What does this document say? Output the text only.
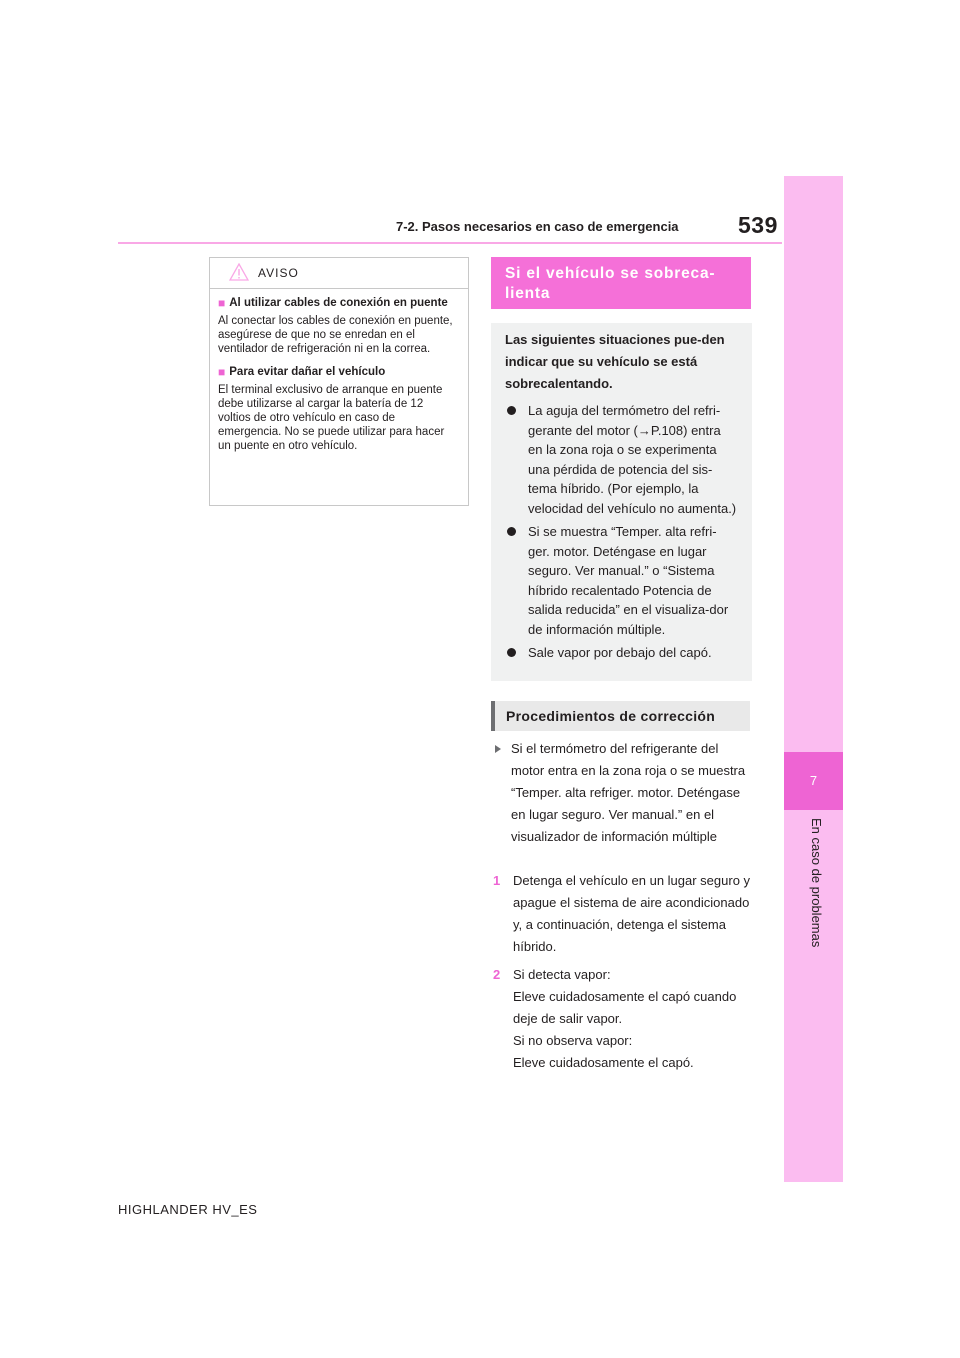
7-2. Pasos necesarios en caso de emergencia	539
7
En caso de problemas
AVISO
■ Al utilizar cables de conexión en puente
Al conectar los cables de conexión en puente, asegúrese de que no se enredan en el ventilador de refrigeración ni en la correa.
■ Para evitar dañar el vehículo
El terminal exclusivo de arranque en puente debe utilizarse al cargar la batería de 12 voltios de otro vehículo en caso de emergencia. No se puede utilizar para hacer un puente en otro vehículo.
Si el vehículo se sobreca-lienta

Las siguientes situaciones pue-den indicar que su vehículo se está sobrecalentando.

La aguja del termómetro del refri-gerante del motor (→P.108) entra en la zona roja o se experimenta una pérdida de potencia del sis-tema híbrido. (Por ejemplo, la velocidad del vehículo no aumenta.)
Si se muestra “Temper. alta refri-ger. motor. Deténgase en lugar seguro. Ver manual.” o “Sistema híbrido recalentado Potencia de salida reducida” en el visualiza-dor de información múltiple.
Sale vapor por debajo del capó.
Procedimientos de corrección
Si el termómetro del refrigerante del motor entra en la zona roja o se muestra “Temper. alta refriger. motor. Deténgase en lugar seguro. Ver manual.” en el visualizador de información múltiple
1 Detenga el vehículo en un lugar seguro y apague el sistema de aire acondicionado y, a continuación, detenga el sistema híbrido.
2 Si detecta vapor:
Eleve cuidadosamente el capó cuando deje de salir vapor.
Si no observa vapor:
Eleve cuidadosamente el capó.
HIGHLANDER HV_ES
